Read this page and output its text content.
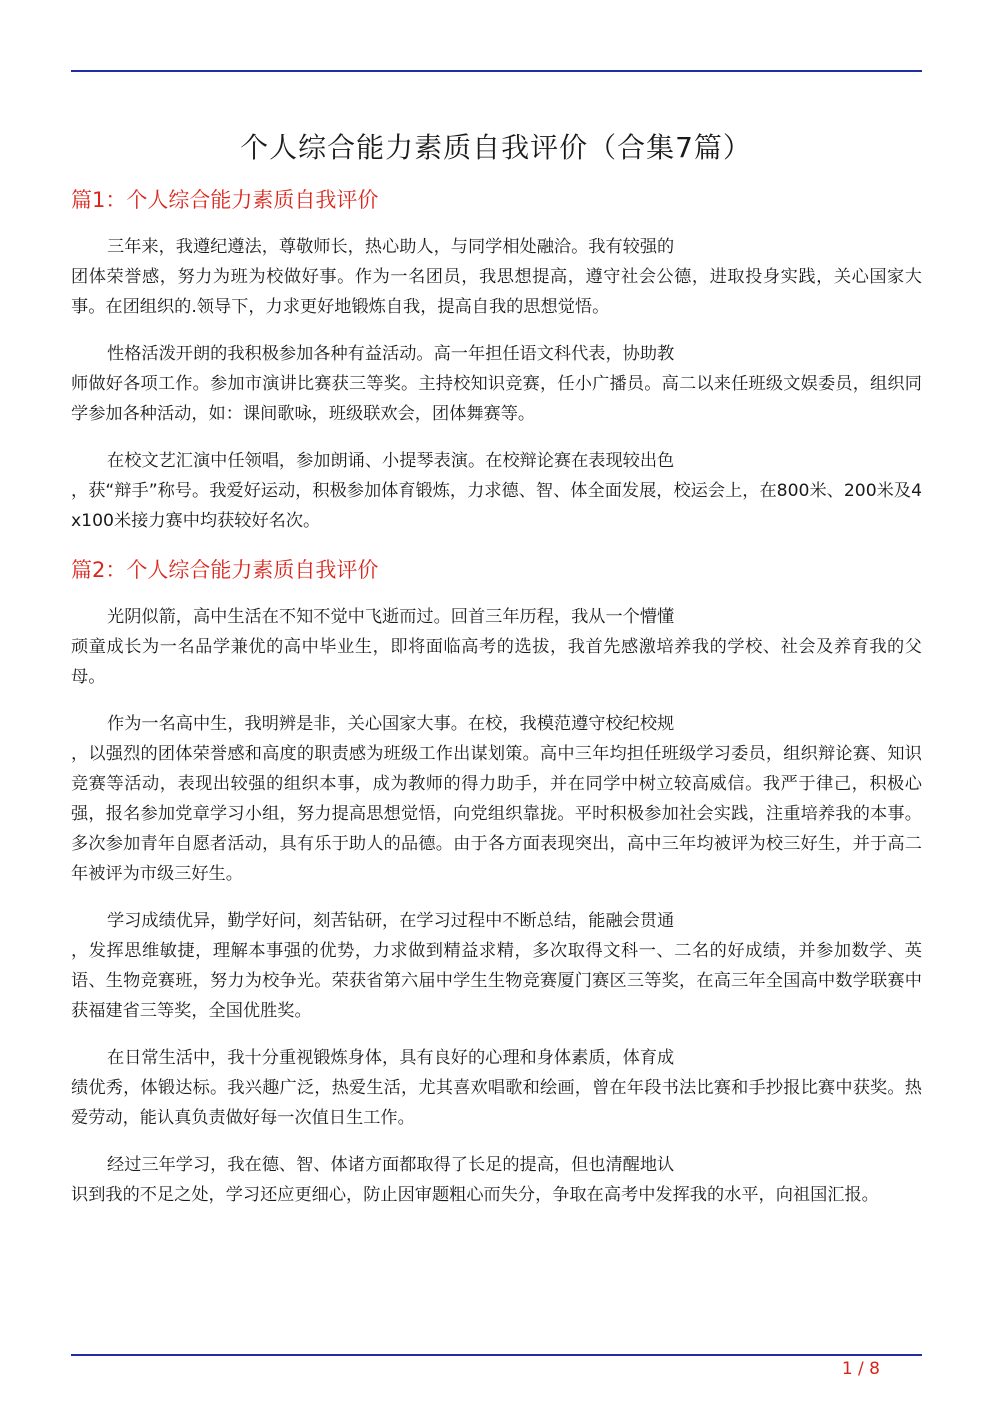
个人综合能力素质自我评价（合集7篇）
篇1：个人综合能力素质自我评价
三年来，我遵纪遵法，尊敬师长，热心助人，与同学相处融洽。我有较强的
团体荣誉感，努力为班为校做好事。作为一名团员，我思想提高，遵守社会公德，进取投身实践，关心国家大事。在团组织的.领导下，力求更好地锻炼自我，提高自我的思想觉悟。
性格活泼开朗的我积极参加各种有益活动。高一年担任语文科代表，协助教
师做好各项工作。参加市演讲比赛获三等奖。主持校知识竞赛，任小广播员。高二以来任班级文娱委员，组织同学参加各种活动，如：课间歌咏，班级联欢会，团体舞赛等。
在校文艺汇演中任领唱，参加朗诵、小提琴表演。在校辩论赛在表现较出色
，获“辩手”称号。我爱好运动，积极参加体育锻炼，力求德、智、体全面发展，校运会上，在800米、200米及4x100米接力赛中均获较好名次。
篇2：个人综合能力素质自我评价
光阴似箭，高中生活在不知不觉中飞逝而过。回首三年历程，我从一个懵懂
顽童成长为一名品学兼优的高中毕业生，即将面临高考的选拔，我首先感激培养我的学校、社会及养育我的父母。
作为一名高中生，我明辨是非，关心国家大事。在校，我模范遵守校纪校规
，以强烈的团体荣誉感和高度的职责感为班级工作出谋划策。高中三年均担任班级学习委员，组织辩论赛、知识竞赛等活动，表现出较强的组织本事，成为教师的得力助手，并在同学中树立较高威信。我严于律己，积极心强，报名参加党章学习小组，努力提高思想觉悟，向党组织靠拢。平时积极参加社会实践，注重培养我的本事。多次参加青年自愿者活动，具有乐于助人的品德。由于各方面表现突出，高中三年均被评为校三好生，并于高二年被评为市级三好生。
学习成绩优异，勤学好问，刻苦钻研，在学习过程中不断总结，能融会贯通
，发挥思维敏捷，理解本事强的优势，力求做到精益求精，多次取得文科一、二名的好成绩，并参加数学、英语、生物竞赛班，努力为校争光。荣获省第六届中学生生物竞赛厦门赛区三等奖，在高三年全国高中数学联赛中获福建省三等奖，全国优胜奖。
在日常生活中，我十分重视锻炼身体，具有良好的心理和身体素质，体育成
绩优秀，体锻达标。我兴趣广泛，热爱生活，尤其喜欢唱歌和绘画，曾在年段书法比赛和手抄报比赛中获奖。热爱劳动，能认真负责做好每一次值日生工作。
经过三年学习，我在德、智、体诸方面都取得了长足的提高，但也清醒地认
识到我的不足之处，学习还应更细心，防止因审题粗心而失分，争取在高考中发挥我的水平，向祖国汇报。
1 / 8
